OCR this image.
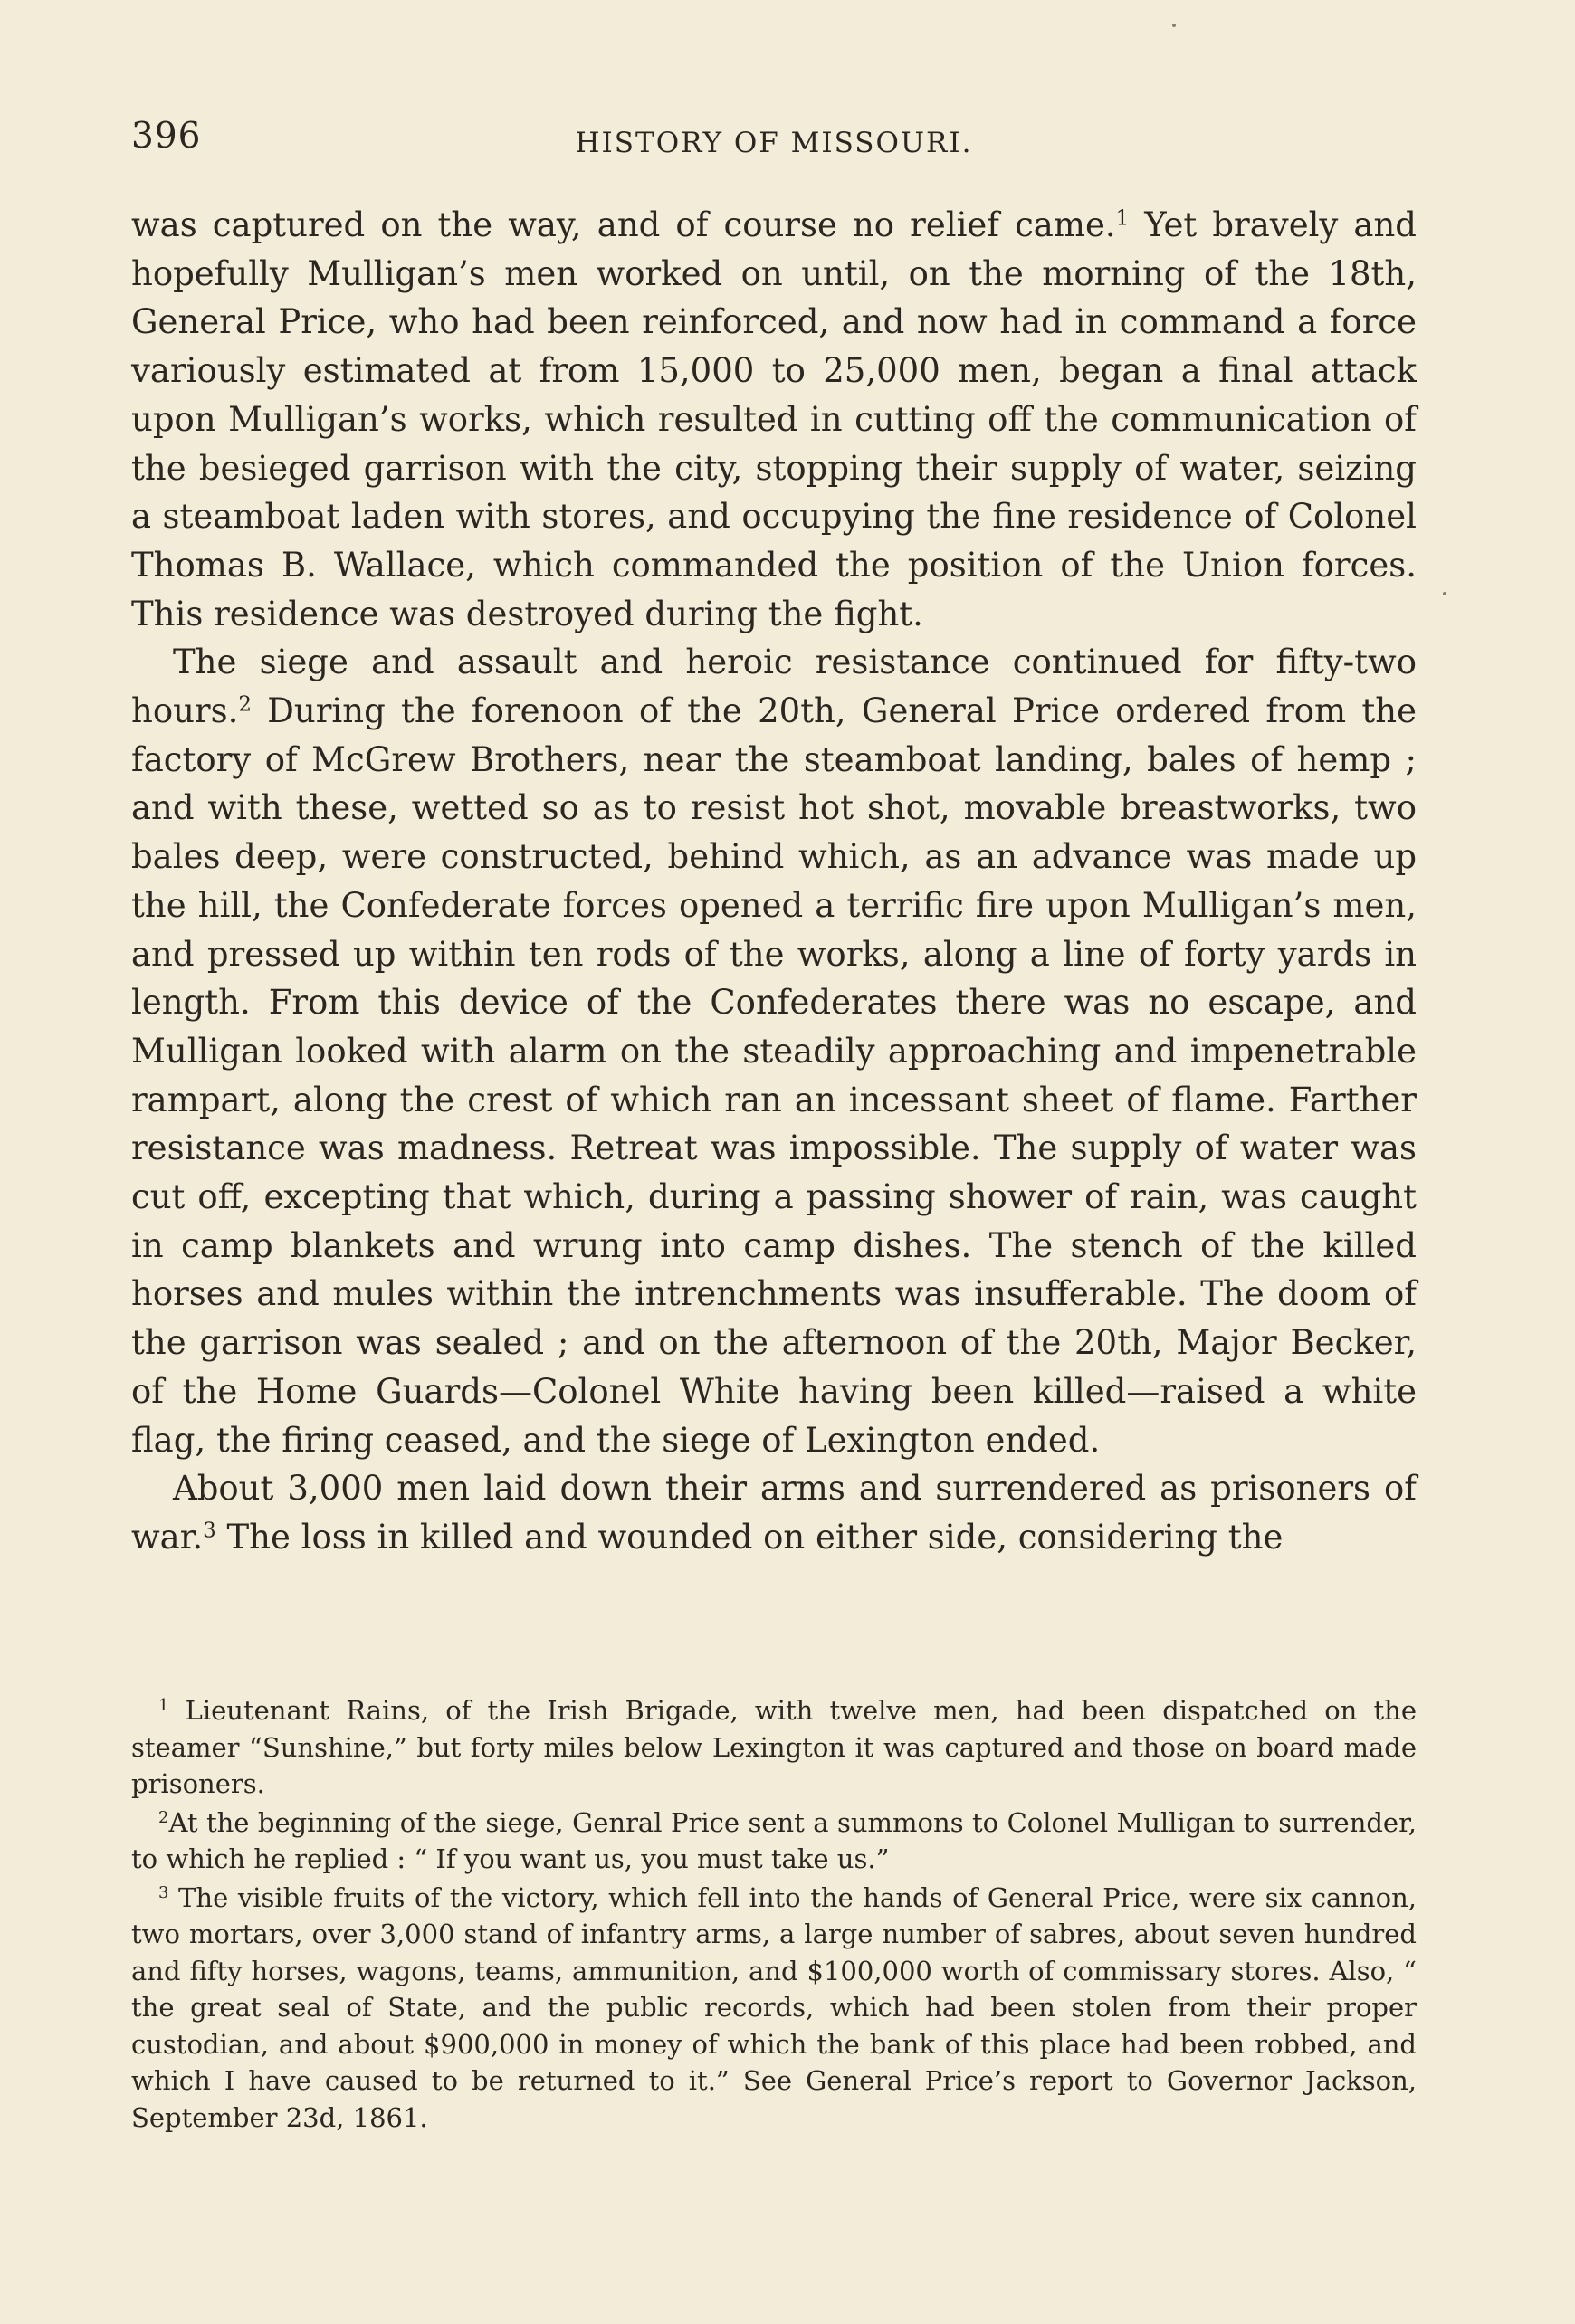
396	HISTORY OF MISSOURI.

was captured on the way, and of course no relief came.$^1$ Yet bravely and hopefully Mulligan’s men worked on until, on the morning of the 18th, General Price, who had been reinforced, and now had in command a force variously estimated at from 15,000 to 25,000 men, began a final attack upon Mulligan’s works, which resulted in cutting off the communication of the besieged garrison with the city, stopping their supply of water, seizing a steamboat laden with stores, and occupying the fine residence of Colonel Thomas B. Wallace, which commanded the position of the Union forces. This residence was destroyed during the fight.

The siege and assault and heroic resistance continued for fifty-two hours.$^2$ During the forenoon of the 20th, General Price ordered from the factory of McGrew Brothers, near the steamboat landing, bales of hemp ; and with these, wetted so as to resist hot shot, movable breastworks, two bales deep, were constructed, behind which, as an advance was made up the hill, the Confederate forces opened a terrific fire upon Mulligan’s men, and pressed up within ten rods of the works, along a line of forty yards in length. From this device of the Confederates there was no escape, and Mulligan looked with alarm on the steadily approaching and impenetrable rampart, along the crest of which ran an incessant sheet of flame. Farther resistance was madness. Retreat was impossible. The supply of water was cut off, excepting that which, during a passing shower of rain, was caught in camp blankets and wrung into camp dishes. The stench of the killed horses and mules within the intrenchments was insufferable. The doom of the garrison was sealed ; and on the afternoon of the 20th, Major Becker, of the Home Guards—Colonel White having been killed—raised a white flag, the firing ceased, and the siege of Lexington ended.

About 3,000 men laid down their arms and surrendered as prisoners of war.$^3$ The loss in killed and wounded on either side, considering the

$^1$ Lieutenant Rains, of the Irish Brigade, with twelve men, had been dispatched on the steamer “Sunshine,” but forty miles below Lexington it was captured and those on board made prisoners.

$^2$At the beginning of the siege, Genral Price sent a summons to Colonel Mulligan to surrender, to which he replied : “ If you want us, you must take us.”

$^3$ The visible fruits of the victory, which fell into the hands of General Price, were six cannon, two mortars, over 3,000 stand of infantry arms, a large number of sabres, about seven hundred and fifty horses, wagons, teams, ammunition, and $100,000 worth of commissary stores. Also, “ the great seal of State, and the public records, which had been stolen from their proper custodian, and about $900,000 in money of which the bank of this place had been robbed, and which I have caused to be returned to it.” See General Price’s report to Governor Jackson, September 23d, 1861.
